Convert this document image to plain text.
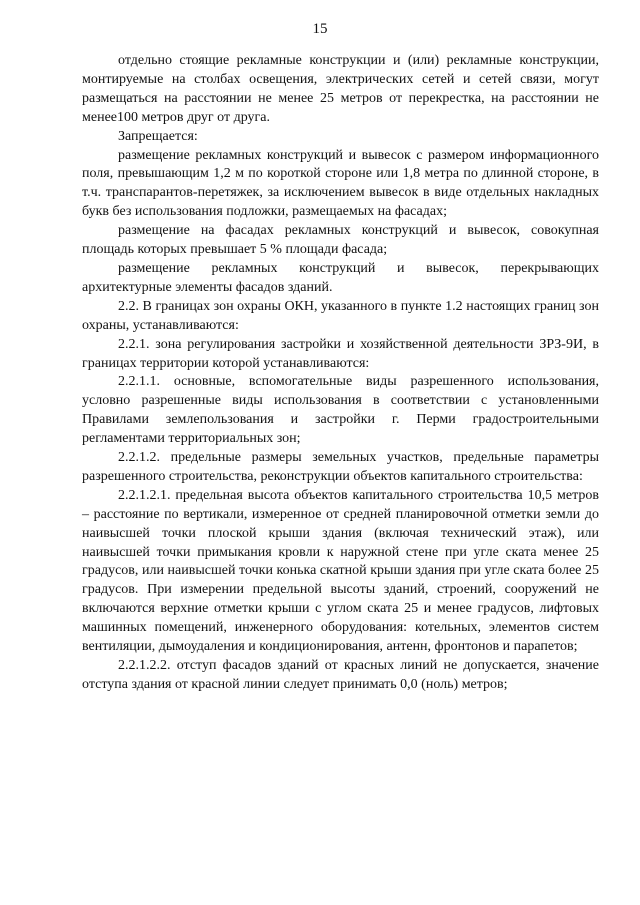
15

отдельно стоящие рекламные конструкции и (или) рекламные конструкции, монтируемые на столбах освещения, электрических сетей и сетей связи, могут размещаться на расстоянии не менее 25 метров от перекрестка, на расстоянии не менее100 метров друг от друга.

Запрещается:

размещение рекламных конструкций и вывесок с размером информационного поля, превышающим 1,2 м по короткой стороне или 1,8 метра по длинной стороне, в т.ч. транспарантов-перетяжек, за исключением вывесок в виде отдельных накладных букв без использования подложки, размещаемых на фасадах;

размещение на фасадах рекламных конструкций и вывесок, совокупная площадь которых превышает 5 % площади фасада;

размещение рекламных конструкций и вывесок, перекрывающих архитектурные элементы фасадов зданий.

2.2. В границах зон охраны ОКН, указанного в пункте 1.2 настоящих границ зон охраны, устанавливаются:

2.2.1. зона регулирования застройки и хозяйственной деятельности ЗРЗ-9И, в границах территории которой устанавливаются:

2.2.1.1. основные, вспомогательные виды разрешенного использования, условно разрешенные виды использования в соответствии с установленными Правилами землепользования и застройки г. Перми градостроительными регламентами территориальных зон;

2.2.1.2. предельные размеры земельных участков, предельные параметры разрешенного строительства, реконструкции объектов капитального строительства:

2.2.1.2.1. предельная высота объектов капитального строительства 10,5 метров – расстояние по вертикали, измеренное от средней планировочной отметки земли до наивысшей точки плоской крыши здания (включая технический этаж), или наивысшей точки примыкания кровли к наружной стене при угле ската менее 25 градусов, или наивысшей точки конька скатной крыши здания при угле ската более 25 градусов. При измерении предельной высоты зданий, строений, сооружений не включаются верхние отметки крыши с углом ската 25 и менее градусов, лифтовых машинных помещений, инженерного оборудования: котельных, элементов систем вентиляции, дымоудаления и кондиционирования, антенн, фронтонов и парапетов;

2.2.1.2.2. отступ фасадов зданий от красных линий не допускается, значение отступа здания от красной линии следует принимать 0,0 (ноль) метров;
